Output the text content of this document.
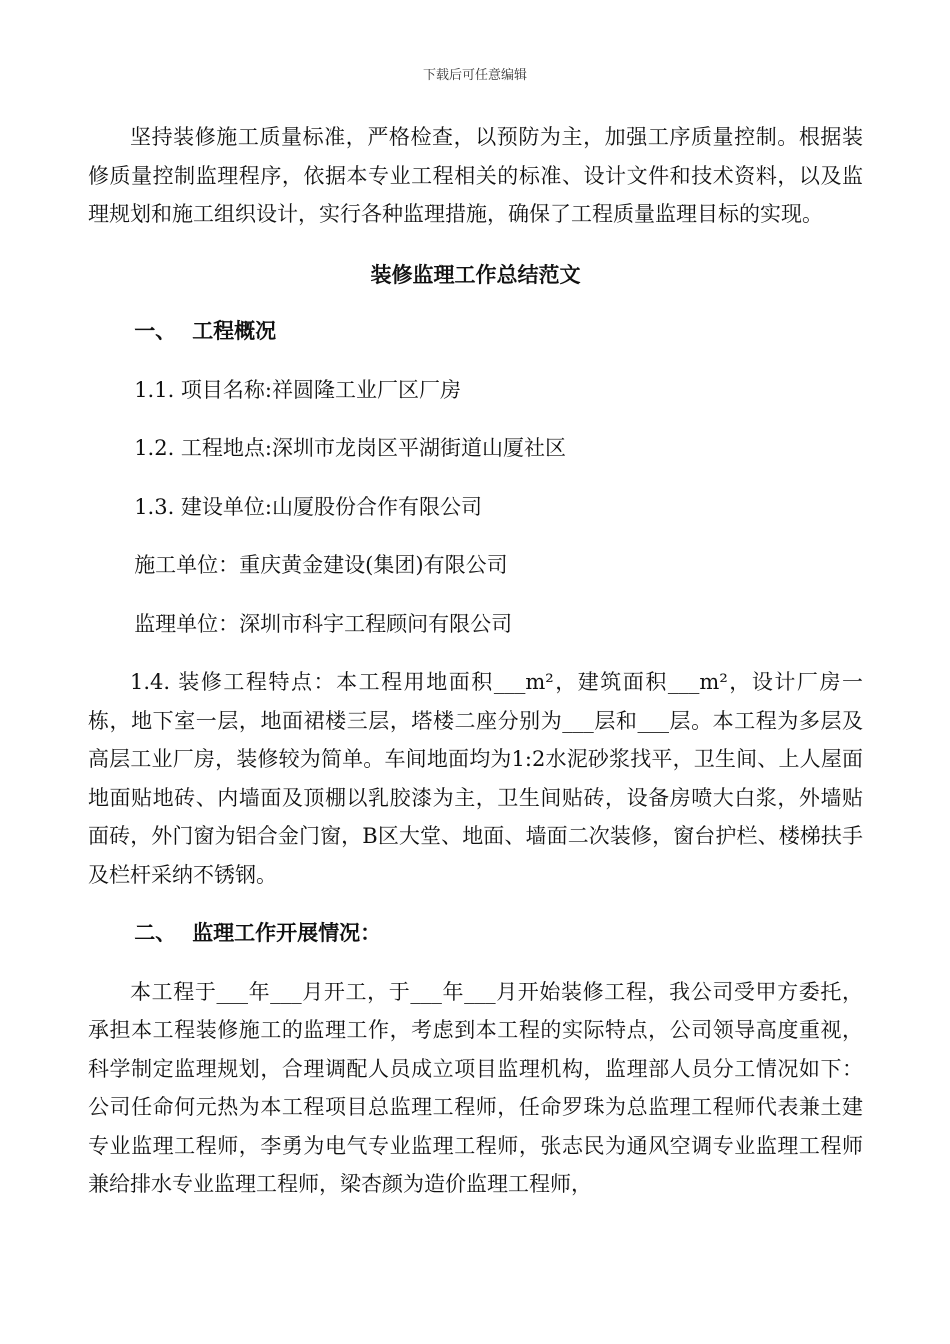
下载后可任意编辑

坚持装修施工质量标准，严格检查，以预防为主，加强工序质量控制。根据装修质量控制监理程序，依据本专业工程相关的标准、设计文件和技术资料，以及监理规划和施工组织设计，实行各种监理措施，确保了工程质量监理目标的实现。

装修监理工作总结范文

一、 工程概况

1.1. 项目名称:祥圆隆工业厂区厂房

1.2. 工程地点:深圳市龙岗区平湖街道山厦社区

1.3. 建设单位:山厦股份合作有限公司

施工单位：重庆黄金建设(集团)有限公司

监理单位：深圳市科宇工程顾问有限公司

1.4. 装修工程特点：本工程用地面积___m²，建筑面积___m²，设计厂房一栋，地下室一层，地面裙楼三层，塔楼二座分别为___层和___层。本工程为多层及高层工业厂房，装修较为简单。车间地面均为1:2水泥砂浆找平，卫生间、上人屋面地面贴地砖、内墙面及顶棚以乳胶漆为主，卫生间贴砖，设备房喷大白浆，外墙贴面砖，外门窗为铝合金门窗，B区大堂、地面、墙面二次装修，窗台护栏、楼梯扶手及栏杆采纳不锈钢。

二、 监理工作开展情况：

本工程于___年___月开工，于___年___月开始装修工程，我公司受甲方委托，承担本工程装修施工的监理工作，考虑到本工程的实际特点，公司领导高度重视，科学制定监理规划，合理调配人员成立项目监理机构，监理部人员分工情况如下：公司任命何元热为本工程项目总监理工程师，任命罗珠为总监理工程师代表兼土建专业监理工程师，李勇为电气专业监理工程师，张志民为通风空调专业监理工程师兼给排水专业监理工程师，梁杏颜为造价监理工程师，
